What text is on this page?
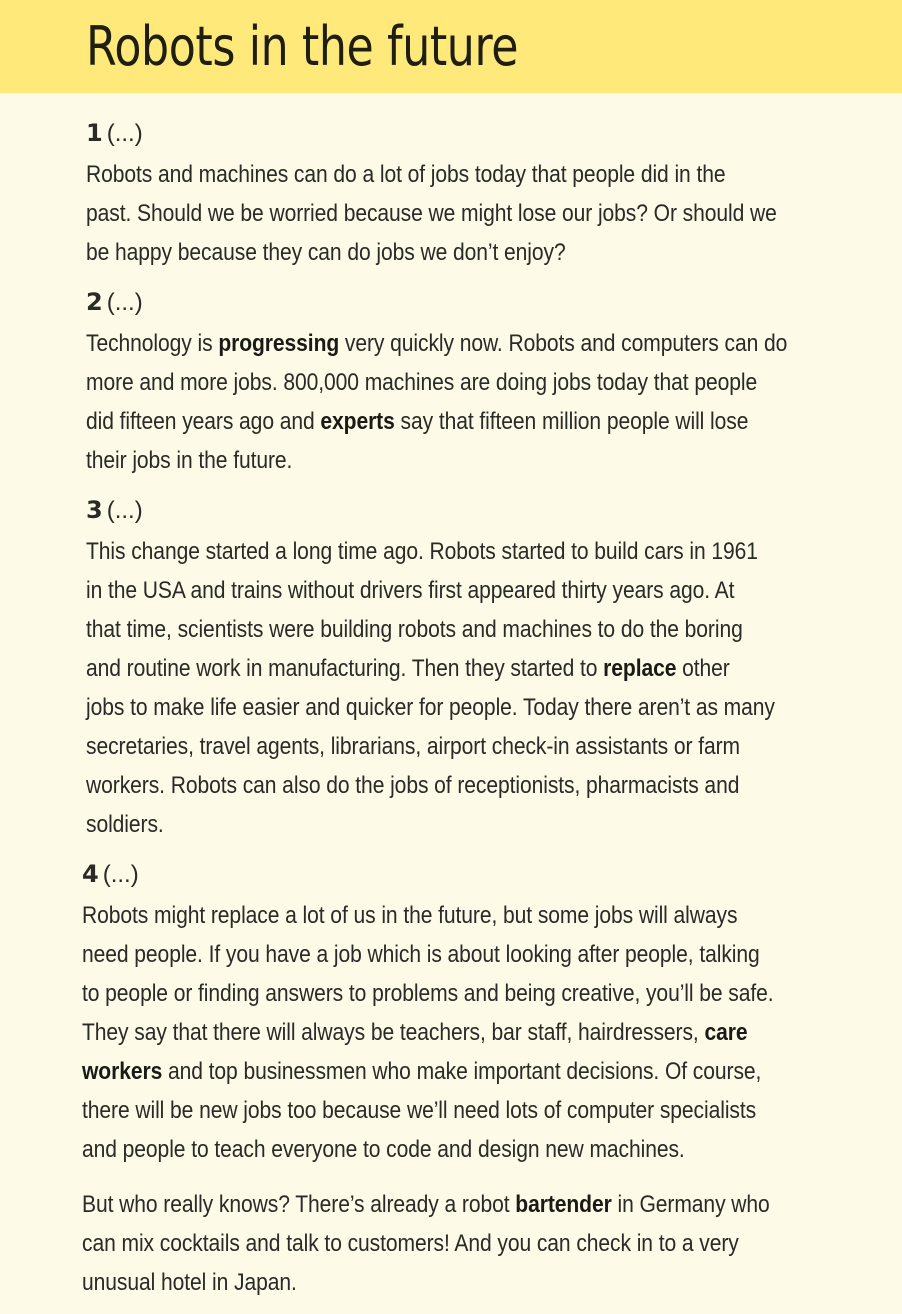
Robots in the future
1 (...)
Robots and machines can do a lot of jobs today that people did in the
past. Should we be worried because we might lose our jobs? Or should we
be happy because they can do jobs we don’t enjoy?
2 (...)
Technology is progressing very quickly now. Robots and computers can do
more and more jobs. 800,000 machines are doing jobs today that people
did fifteen years ago and experts say that fifteen million people will lose
their jobs in the future.
3 (...)
This change started a long time ago. Robots started to build cars in 1961
in the USA and trains without drivers first appeared thirty years ago. At
that time, scientists were building robots and machines to do the boring
and routine work in manufacturing. Then they started to replace other
jobs to make life easier and quicker for people. Today there aren’t as many
secretaries, travel agents, librarians, airport check-in assistants or farm
workers. Robots can also do the jobs of receptionists, pharmacists and
soldiers.
4 (...)
Robots might replace a lot of us in the future, but some jobs will always
need people. If you have a job which is about looking after people, talking
to people or finding answers to problems and being creative, you’ll be safe.
They say that there will always be teachers, bar staff, hairdressers, care
workers and top businessmen who make important decisions. Of course,
there will be new jobs too because we’ll need lots of computer specialists
and people to teach everyone to code and design new machines.
But who really knows? There’s already a robot bartender in Germany who
can mix cocktails and talk to customers! And you can check in to a very
unusual hotel in Japan.
